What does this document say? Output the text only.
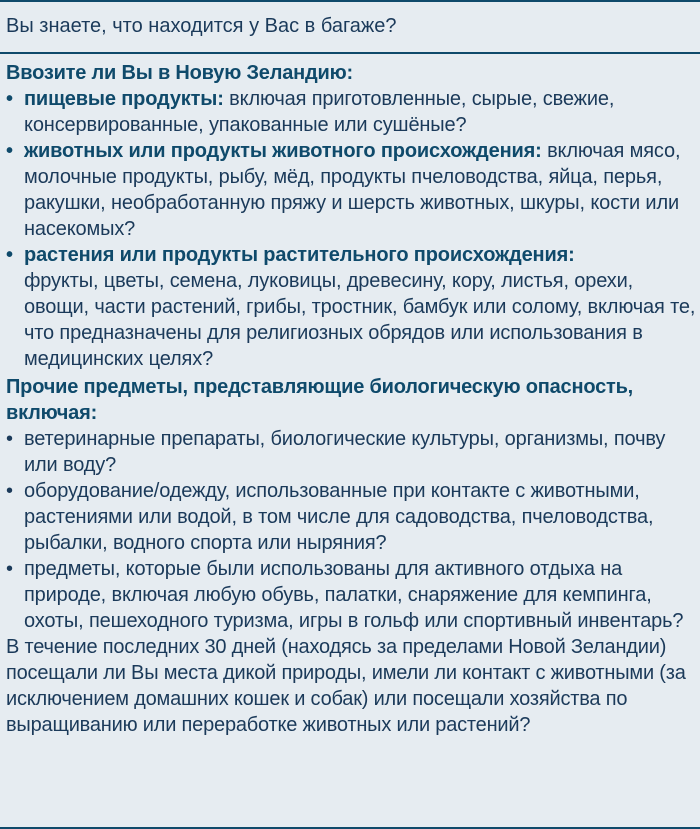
Вы знаете, что находится у Вас в багаже?
Ввозите ли Вы в Новую Зеландию:
• пищевые продукты: включая приготовленные, сырые, свежие, консервированные, упакованные или сушёные?
• животных или продукты животного происхождения: включая мясо, молочные продукты, рыбу, мёд, продукты пчеловодства, яйца, перья, ракушки, необработанную пряжу и шерсть животных, шкуры, кости или насекомых?
• растения или продукты растительного происхождения:
фрукты, цветы, семена, луковицы, древесину, кору, листья, орехи, овощи, части растений, грибы, тростник, бамбук или солому, включая те, что предназначены для религиозных обрядов или использования в медицинских целях?
Прочие предметы, представляющие биологическую опасность, включая:
• ветеринарные препараты, биологические культуры, организмы, почву или воду?
• оборудование/одежду, использованные при контакте с животными, растениями или водой, в том числе для садоводства, пчеловодства, рыбалки, водного спорта или ныряния?
• предметы, которые были использованы для активного отдыха на природе, включая любую обувь, палатки, снаряжение для кемпинга, охоты, пешеходного туризма, игры в гольф или спортивный инвентарь?
В течение последних 30 дней (находясь за пределами Новой Зеландии) посещали ли Вы места дикой природы, имели ли контакт с животными (за исключением домашних кошек и собак) или посещали хозяйства по выращиванию или переработке животных или растений?
